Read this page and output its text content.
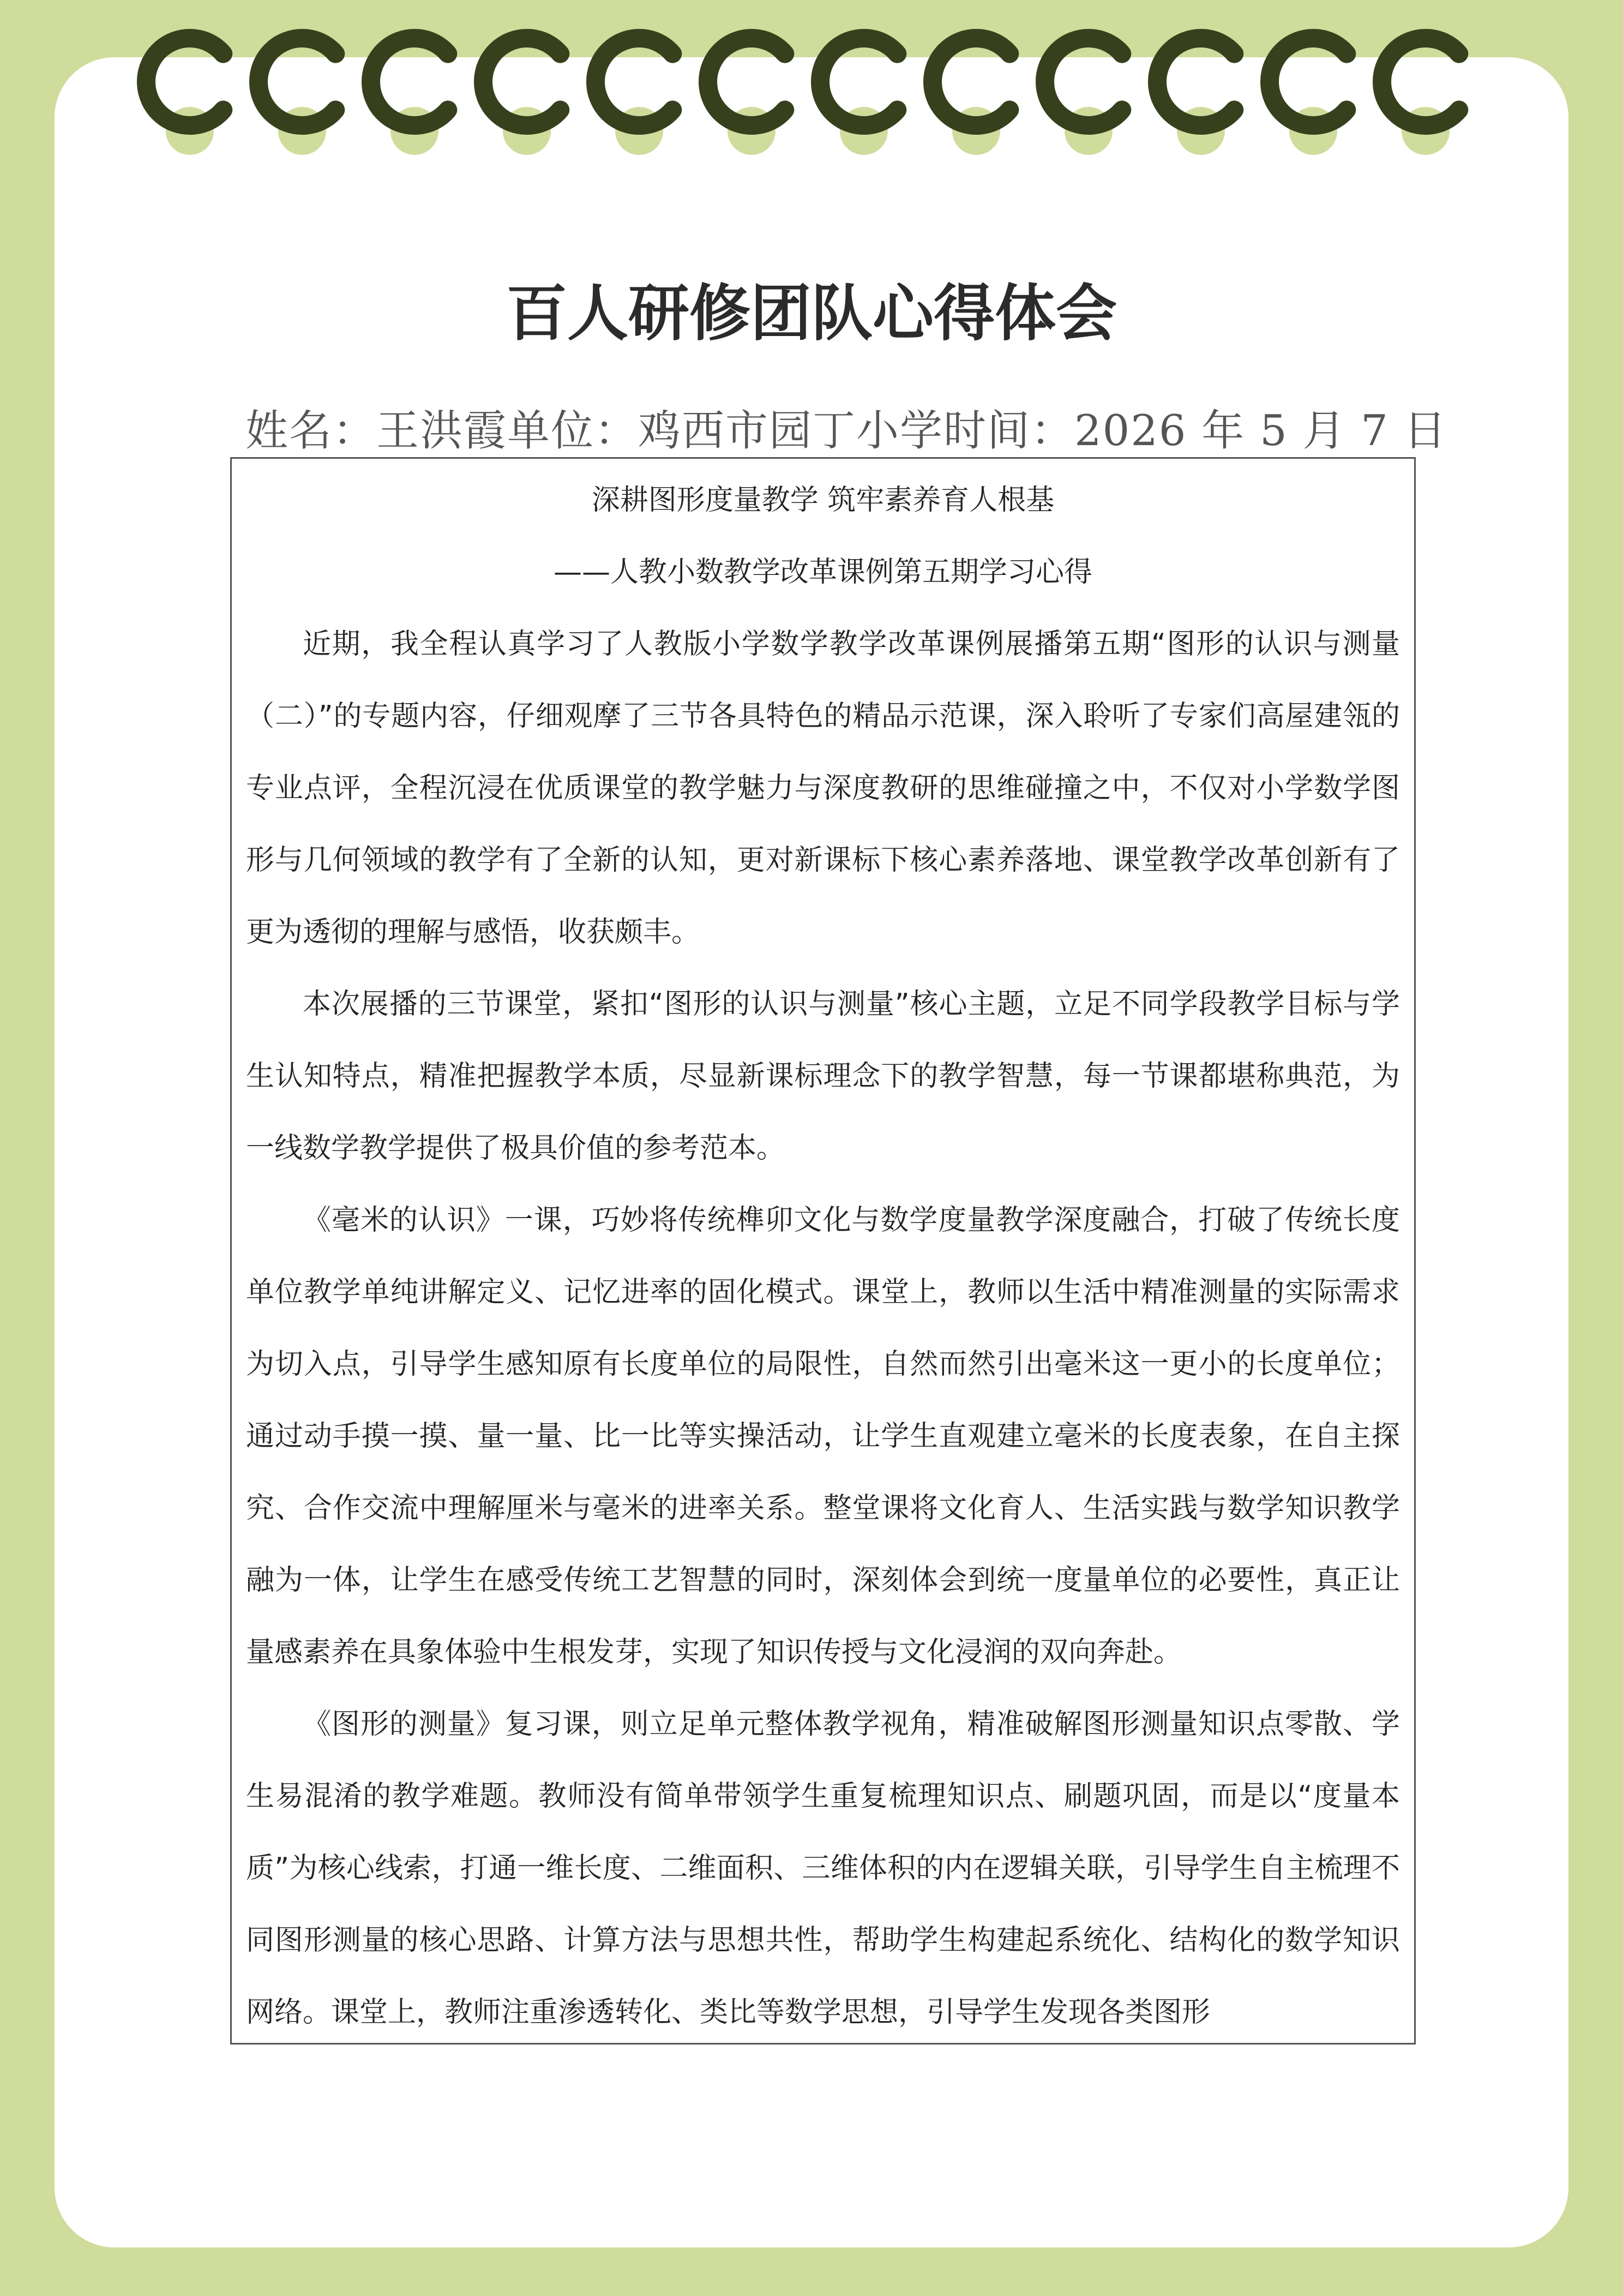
百人研修团队心得体会
姓名：王洪霞单位：鸡西市园丁小学时间：2026 年 5 月 7 日
深耕图形度量教学 筑牢素养育人根基
——人教小数教学改革课例第五期学习心得

近期，我全程认真学习了人教版小学数学教学改革课例展播第五期“图形的认识与测量（二）”的专题内容，仔细观摩了三节各具特色的精品示范课，深入聆听了专家们高屋建瓴的专业点评，全程沉浸在优质课堂的教学魅力与深度教研的思维碰撞之中，不仅对小学数学图形与几何领域的教学有了全新的认知，更对新课标下核心素养落地、课堂教学改革创新有了更为透彻的理解与感悟，收获颇丰。

本次展播的三节课堂，紧扣“图形的认识与测量”核心主题，立足不同学段教学目标与学生认知特点，精准把握教学本质，尽显新课标理念下的教学智慧，每一节课都堪称典范，为一线数学教学提供了极具价值的参考范本。

《毫米的认识》一课，巧妙将传统榫卯文化与数学度量教学深度融合，打破了传统长度单位教学单纯讲解定义、记忆进率的固化模式。课堂上，教师以生活中精准测量的实际需求为切入点，引导学生感知原有长度单位的局限性，自然而然引出毫米这一更小的长度单位；通过动手摸一摸、量一量、比一比等实操活动，让学生直观建立毫米的长度表象，在自主探究、合作交流中理解厘米与毫米的进率关系。整堂课将文化育人、生活实践与数学知识教学融为一体，让学生在感受传统工艺智慧的同时，深刻体会到统一度量单位的必要性，真正让量感素养在具象体验中生根发芽，实现了知识传授与文化浸润的双向奔赴。

《图形的测量》复习课，则立足单元整体教学视角，精准破解图形测量知识点零散、学生易混淆的教学难题。教师没有简单带领学生重复梳理知识点、刷题巩固，而是以“度量本质”为核心线索，打通一维长度、二维面积、三维体积的内在逻辑关联，引导学生自主梳理不同图形测量的核心思路、计算方法与思想共性，帮助学生构建起系统化、结构化的数学知识网络。课堂上，教师注重渗透转化、类比等数学思想，引导学生发现各类图形
